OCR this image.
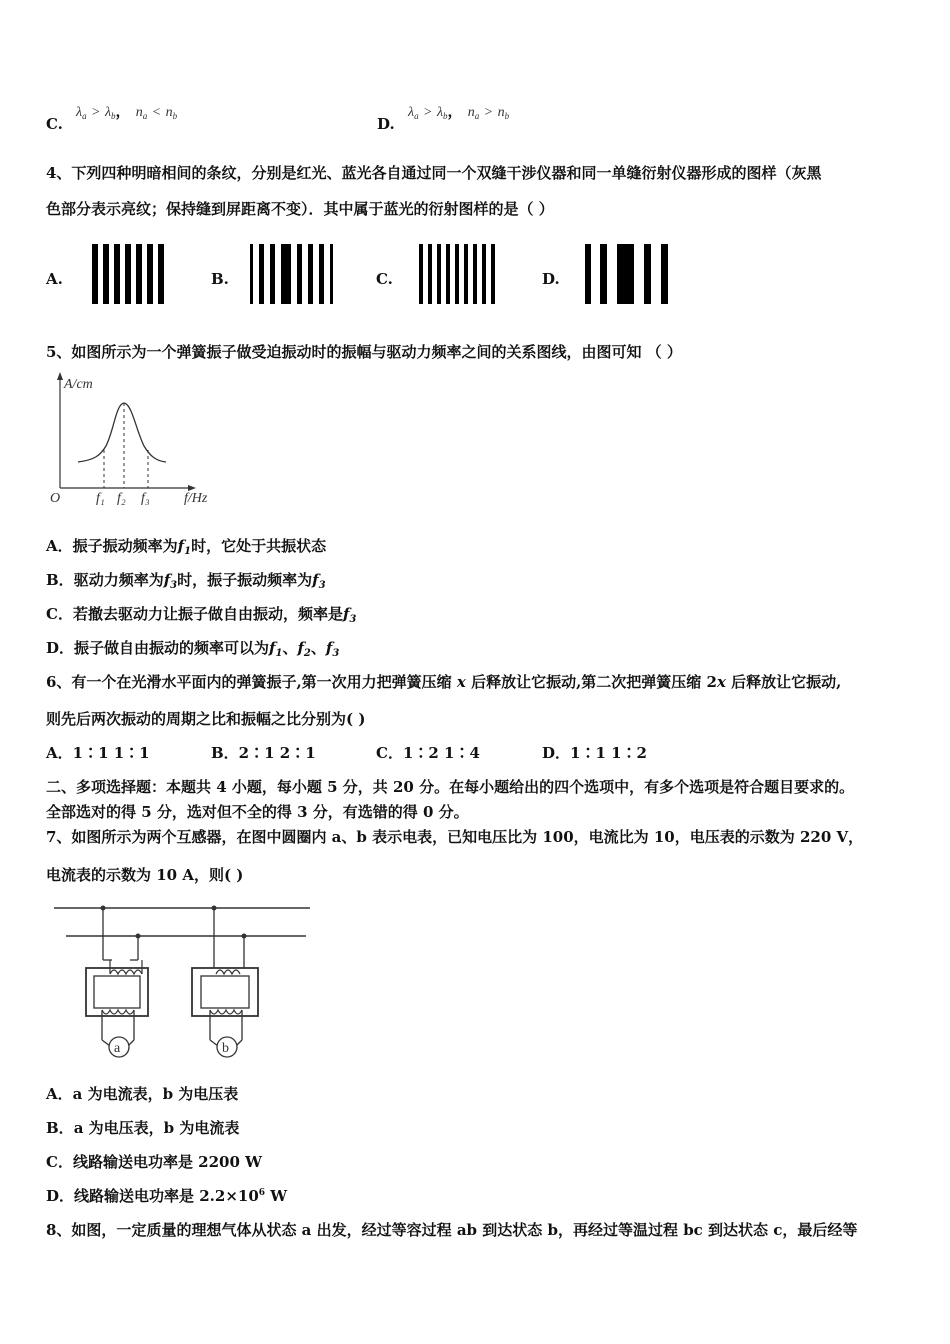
C.
$\lambda_a > \lambda_b$， $n_a < n_b$	D.
$\lambda_a > \lambda_b$， $n_a > n_b$
4、下列四种明暗相间的条纹，分别是红光、蓝光各自通过同一个双缝干涉仪器和同一单缝衍射仪器形成的图样（灰黑
色部分表示亮纹；保持缝到屏距离不变）．其中属于蓝光的衍射图样的是（ ）
A.	B.	C.	D.
5、如图所示为一个弹簧振子做受迫振动时的振幅与驱动力频率之间的关系图线，由图可知 （ ）
A/cm
O	f₁ f₂ f₃ f/Hz
A．振子振动频率为$f_1$时，它处于共振状态
B．驱动力频率为$f_3$时，振子振动频率为$f_3$
C．若撤去驱动力让振子做自由振动，频率是$f_3$
D．振子做自由振动的频率可以为$f_1$、$f_2$、$f_3$
6、有一个在光滑水平面内的弹簧振子,第一次用力把弹簧压缩 x 后释放让它振动,第二次把弹簧压缩 2x 后释放让它振动,
则先后两次振动的周期之比和振幅之比分别为( )
A．1∶1 1∶1	B．2∶1 2∶1	C．1∶2 1∶4	D．1∶1 1∶2
二、多项选择题：本题共 4 小题，每小题 5 分，共 20 分。在每小题给出的四个选项中，有多个选项是符合题目要求的。
全部选对的得 5 分，选对但不全的得 3 分，有选错的得 0 分。
7、如图所示为两个互感器，在图中圆圈内 a、b 表示电表，已知电压比为 100，电流比为 10，电压表的示数为 220 V，
电流表的示数为 10 A，则( )
a	b
A．a 为电流表，b 为电压表
B．a 为电压表，b 为电流表
C．线路输送电功率是 2200 W
D．线路输送电功率是 $2.2\times 10^6$ W
8、如图，一定质量的理想气体从状态 a 出发，经过等容过程 ab 到达状态 b，再经过等温过程 bc 到达状态 c，最后经等
